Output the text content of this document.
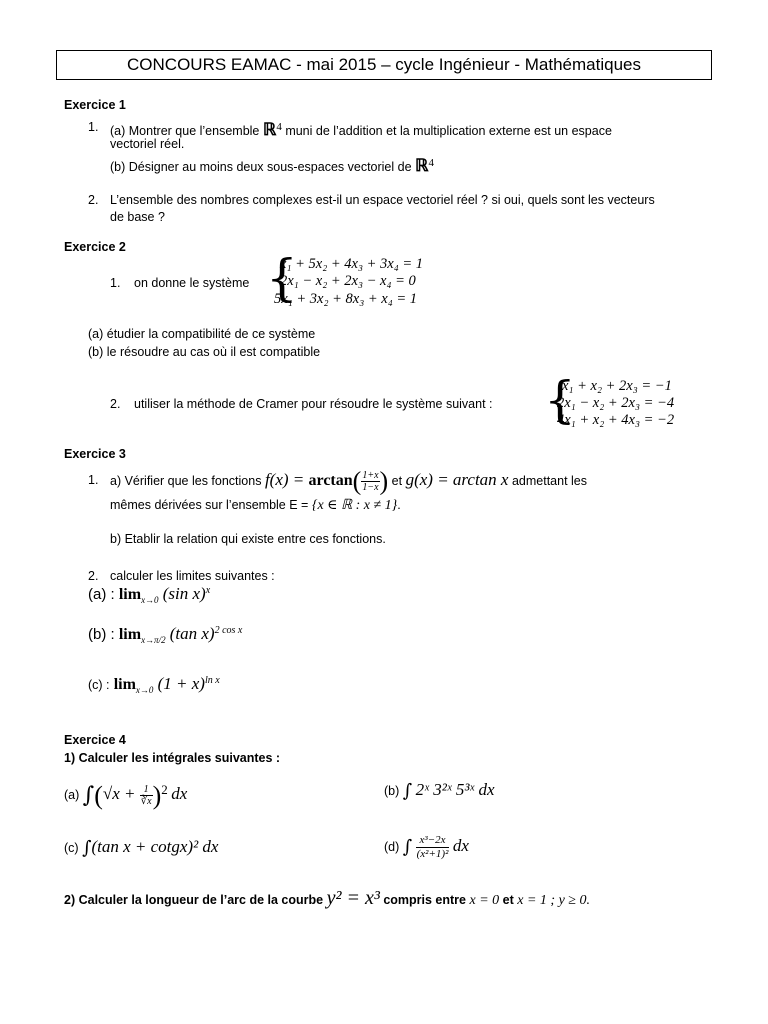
CONCOURS EAMAC - mai 2015 – cycle Ingénieur - Mathématiques
Exercice 1
1. (a) Montrer que l’ensemble ℝ4 muni de l’addition et la multiplication externe est un espace
vectoriel réel.
(b) Désigner au moins deux sous-espaces vectoriel de ℝ4
2. L’ensemble des nombres complexes est-il un espace vectoriel réel ? si oui, quels sont les vecteurs
de base ?
Exercice 2
1. on donne le système {
x₁ + 5x₂ + 4x₃ + 3x₄ = 1
2x₁ − x₂ + 2x₃ − x₄ = 0
5x₁ + 3x₂ + 8x₃ + x₄ = 1
(a) étudier la compatibilité de ce système
(b) le résoudre au cas où il est compatible
2. utiliser la méthode de Cramer pour résoudre le système suivant : {
x₁ + x₂ + 2x₃ = −1
2x₁ − x₂ + 2x₃ = −4
4x₁ + x₂ + 4x₃ = −2
Exercice 3
1. a) Vérifier que les fonctions $f(x) = \arctan( \frac{1+x}{1-x}$ ) et g(x) = arctan x admettant les
mêmes dérivées sur l’ensemble E = {x ∈ ℝ : x ≠ 1}.
b) Etablir la relation qui existe entre ces fonctions.
2. calculer les limites suivantes :
(a) : $\lim_{x\to 0} (\sin$ x)$^x$
(b) : $\lim_{x\to\pi/2} (\tan$ x)$^{2 cos x}$
(c) : $\lim_{x\to 0} (1 + x)^{ln x}$
Exercice 4
1) Calculer les intégrales suivantes :
(a) $\int(√x + \frac{1}{∛x} )2$ dx	(b) ∫ 2ˣ 3²ˣ 5³ˣ dx
(c) ∫(tan x + cotgx)² dx	(d) ∫ $\frac{\text{x³−2x}}{\text{(x²+1)²}}$ dx
2) Calculer la longueur de l’arc de la courbe y² = x³ compris entre x = 0 et x = 1 ; y ≥ 0.
